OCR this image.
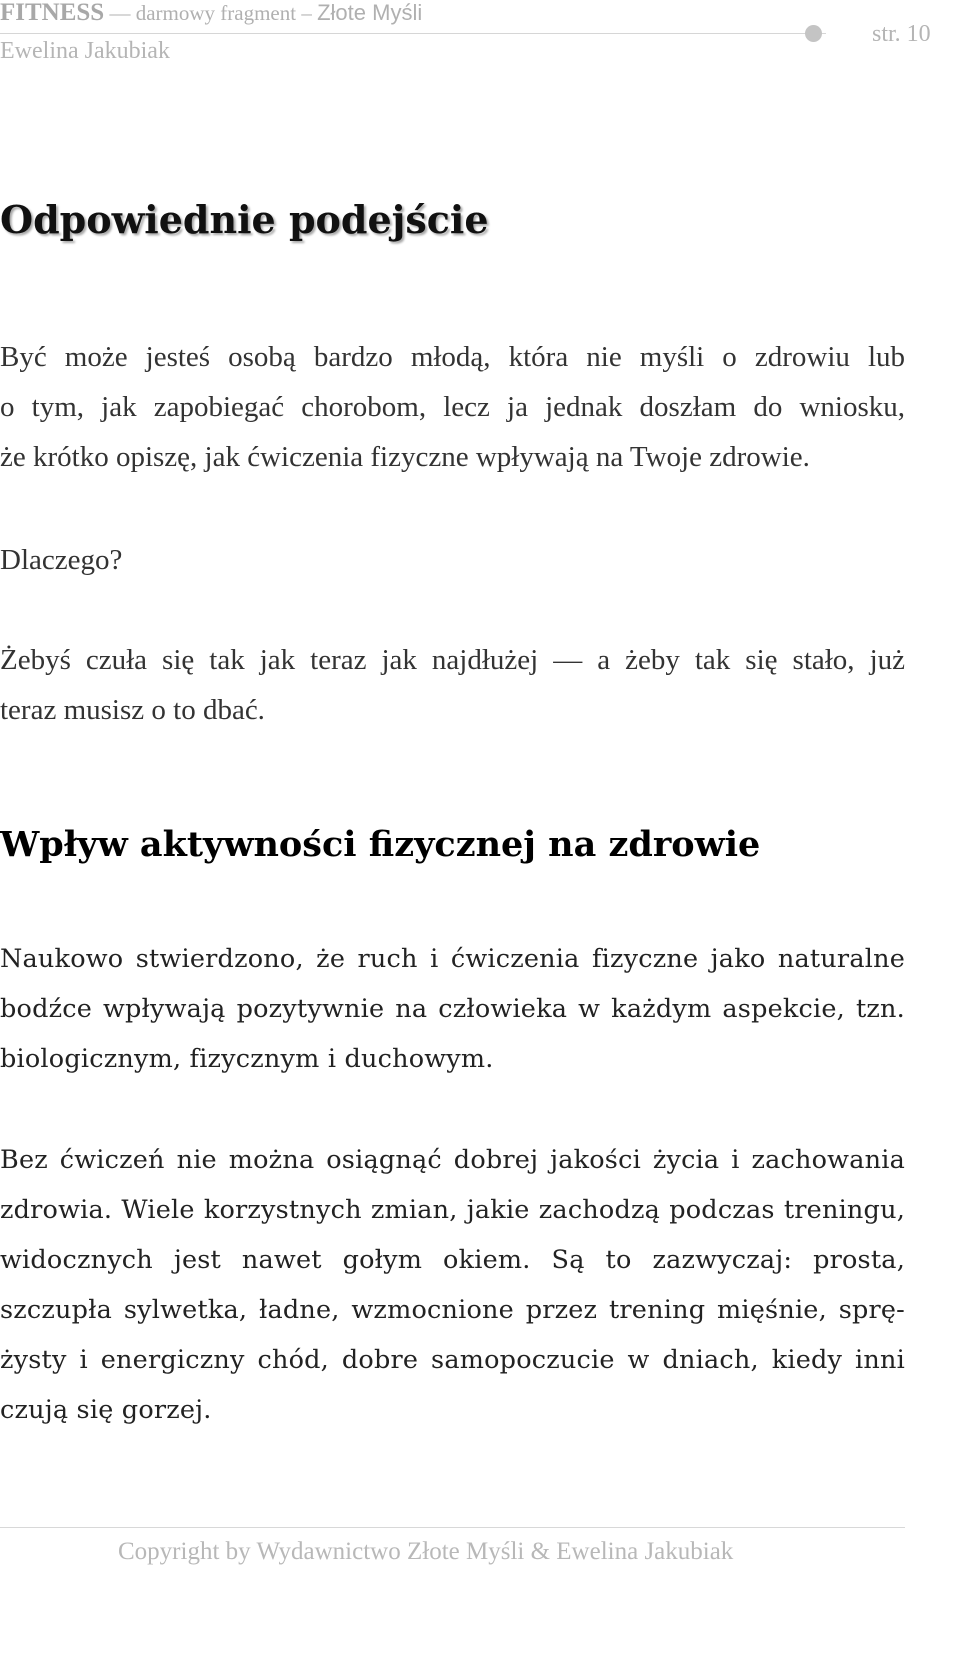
FITNESS — darmowy fragment – Złote Myśli
Ewelina Jakubiak
str. 10
Odpowiednie podejście
Być może jesteś osobą bardzo młodą, która nie myśli o zdrowiu lub
o tym, jak zapobiegać chorobom, lecz ja jednak doszłam do wniosku,
że krótko opiszę, jak ćwiczenia fizyczne wpływają na Twoje zdrowie.
Dlaczego?
Żebyś czuła się tak jak teraz jak najdłużej — a żeby tak się stało, już
teraz musisz o to dbać.
Wpływ aktywności fizycznej na zdrowie
Naukowo stwierdzono, że ruch i ćwiczenia fizyczne jako naturalne
bodźce wpływają pozytywnie na człowieka w każdym aspekcie, tzn.
biologicznym, fizycznym i duchowym.
Bez ćwiczeń nie można osiągnąć dobrej jakości życia i zachowania
zdrowia. Wiele korzystnych zmian, jakie zachodzą podczas treningu,
widocznych jest nawet gołym okiem. Są to zazwyczaj: prosta,
szczupła sylwetka, ładne, wzmocnione przez trening mięśnie, sprę-
żysty i energiczny chód, dobre samopoczucie w dniach, kiedy inni
czują się gorzej.
Copyright by Wydawnictwo Złote Myśli & Ewelina Jakubiak
